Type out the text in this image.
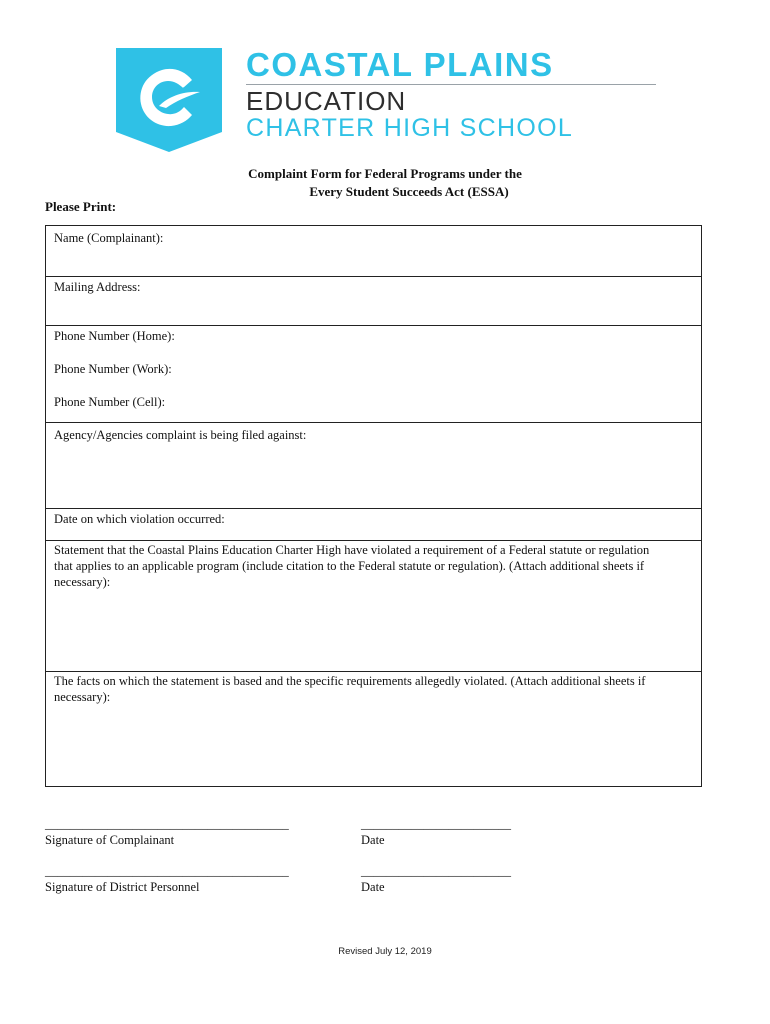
COASTAL PLAINS
EDUCATION
CHARTER HIGH SCHOOL
Complaint Form for Federal Programs under the
Every Student Succeeds Act (ESSA)
Please Print:
Name (Complainant):
Mailing Address:
Phone Number (Home):
Phone Number (Work):
Phone Number (Cell):
Agency/Agencies complaint is being filed against:
Date on which violation occurred:
Statement that the Coastal Plains Education Charter High have violated a requirement of a Federal statute or regulation that applies to an applicable program (include citation to the Federal statute or regulation). (Attach additional sheets if necessary):
The facts on which the statement is based and the specific requirements allegedly violated. (Attach additional sheets if necessary):
_______________________________________	________________________
Signature of Complainant	Date
_______________________________________	________________________
Signature of District Personnel	Date
Revised July 12, 2019
